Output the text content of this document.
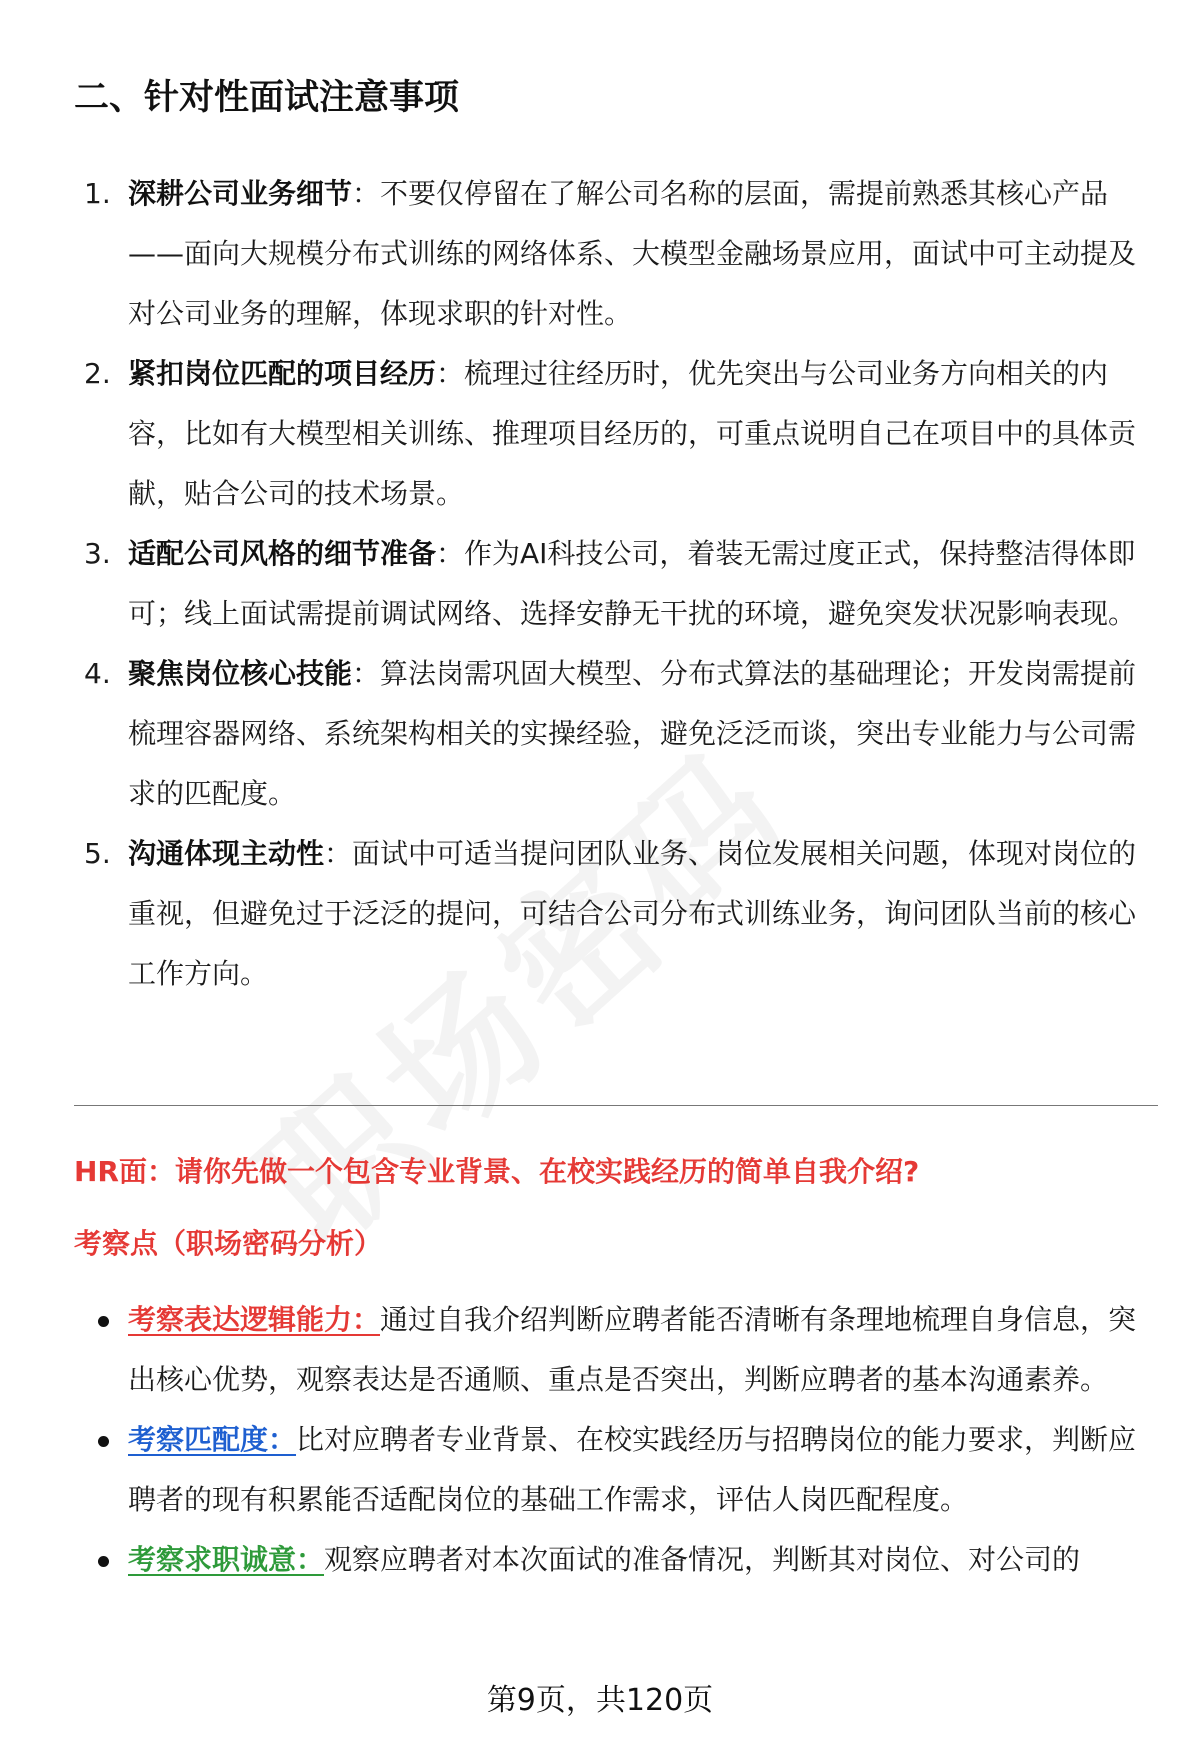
二、针对性面试注意事项
1. 深耕公司业务细节：不要仅停留在了解公司名称的层面，需提前熟悉其核心产品——面向大规模分布式训练的网络体系、大模型金融场景应用，面试中可主动提及对公司业务的理解，体现求职的针对性。
2. 紧扣岗位匹配的项目经历：梳理过往经历时，优先突出与公司业务方向相关的内容，比如有大模型相关训练、推理项目经历的，可重点说明自己在项目中的具体贡献，贴合公司的技术场景。
3. 适配公司风格的细节准备：作为AI科技公司，着装无需过度正式，保持整洁得体即可；线上面试需提前调试网络、选择安静无干扰的环境，避免突发状况影响表现。
4. 聚焦岗位核心技能：算法岗需巩固大模型、分布式算法的基础理论；开发岗需提前梳理容器网络、系统架构相关的实操经验，避免泛泛而谈，突出专业能力与公司需求的匹配度。
5. 沟通体现主动性：面试中可适当提问团队业务、岗位发展相关问题，体现对岗位的重视，但避免过于泛泛的提问，可结合公司分布式训练业务，询问团队当前的核心工作方向。
HR面：请你先做一个包含专业背景、在校实践经历的简单自我介绍?
考察点（职场密码分析）
考察表达逻辑能力：通过自我介绍判断应聘者能否清晰有条理地梳理自身信息，突出核心优势，观察表达是否通顺、重点是否突出，判断应聘者的基本沟通素养。
考察匹配度：比对应聘者专业背景、在校实践经历与招聘岗位的能力要求，判断应聘者的现有积累能否适配岗位的基础工作需求，评估人岗匹配程度。
考察求职诚意：观察应聘者对本次面试的准备情况，判断其对岗位、对公司的
第9页，共120页
